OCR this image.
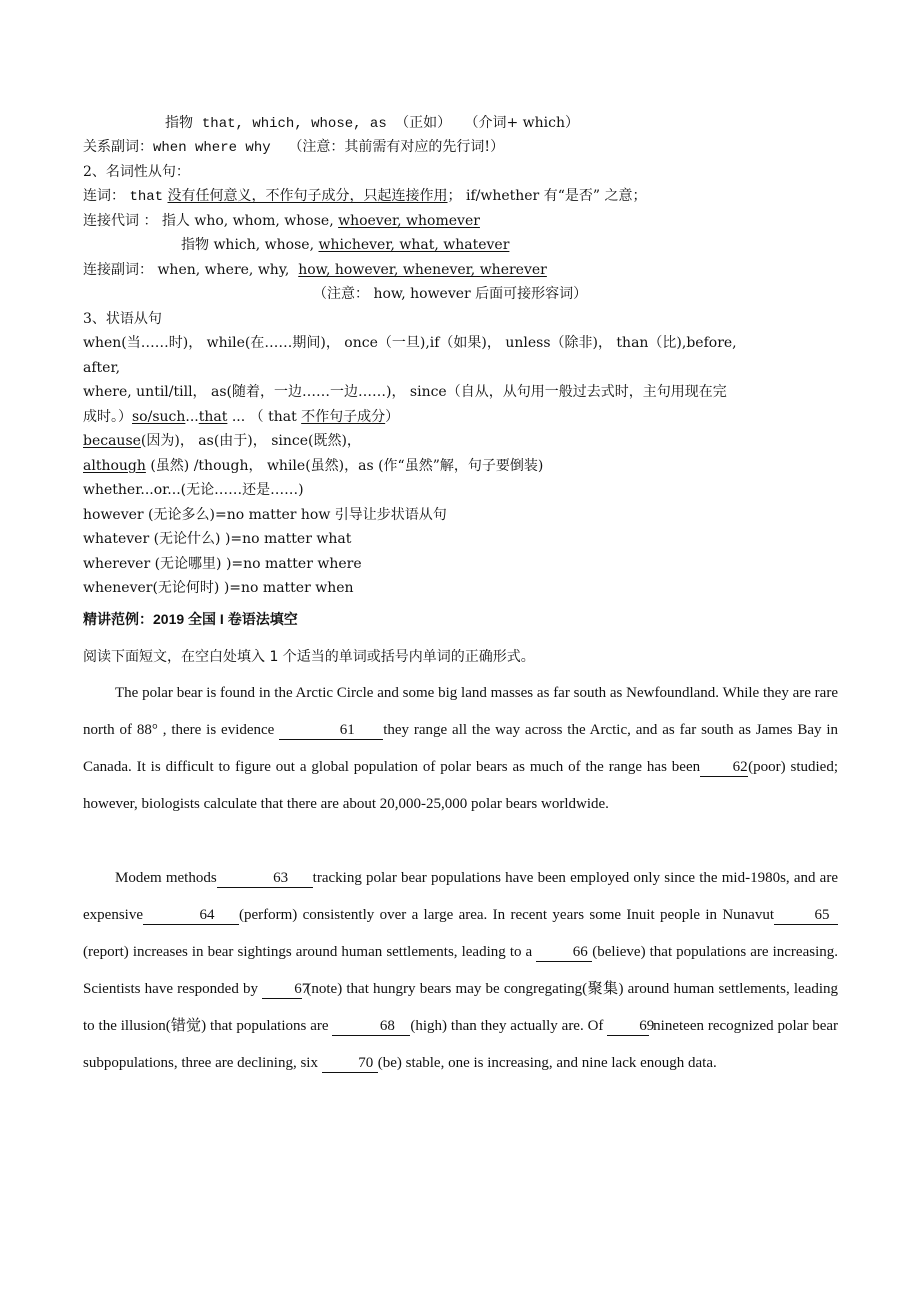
指物 that, which, whose, as （正如） （介词+ which）
关系副词：when where why （注意：其前需有对应的先行词!）
2、名词性从句：
连词： that 没有任何意义，不作句子成分，只起连接作用； if/whether 有“是否” 之意；
连接代词 ： 指人 who, whom, whose, whoever, whomever
指物 which, whose, whichever, what, whatever
连接副词： when, where, why, how, however, whenever, wherever
（注意： how, however 后面可接形容词）
3、状语从句
when(当……时)， while(在……期间)， once（一旦),if（如果)， unless（除非)， than（比),before,
after,
where, until/till， as(随着，一边……一边……)， since（自从，从句用一般过去式时，主句用现在完
成时。）so/such...that ... （ that 不作句子成分）
because(因为)， as(由于)， since(既然)，
although (虽然) /though， while(虽然)，as (作“虽然”解，句子要倒装)
whether...or...(无论……还是……)
however (无论多么)=no matter how 引导让步状语从句
whatever (无论什么) )=no matter what
wherever (无论哪里) )=no matter where
whenever(无论何时) )=no matter when
精讲范例：2019 全国 I 卷语法填空
阅读下面短文，在空白处填入 1 个适当的单词或括号内单词的正确形式。
The polar bear is found in the Arctic Circle and some big land masses as far south as Newfoundland. While they are rare north of 88° , there is evidence	61 they range all the way across the Arctic, and as far south as James Bay in Canada. It is difficult to figure out a global population of polar bears as much of the range has been 62(poor) studied; however, biologists calculate that there are about 20,000-25,000 polar bears worldwide.
Modem methods	63 tracking polar bear populations have been employed only since the mid-1980s, and are expensive	64 (perform) consistently over a large area. In recent years some Inuit people in Nunavut	65(report) increases in bear sightings around human settlements, leading to a 66 (believe) that populations are increasing. Scientists have responded by 67 (note) that hungry bears may be congregating(聚集) around human settlements, leading to the illusion(错觉) that populations are	68 (high) than they actually are. Of 69 nineteen recognized polar bear subpopulations, three are declining, six 70 (be) stable, one is increasing, and nine lack enough data.
